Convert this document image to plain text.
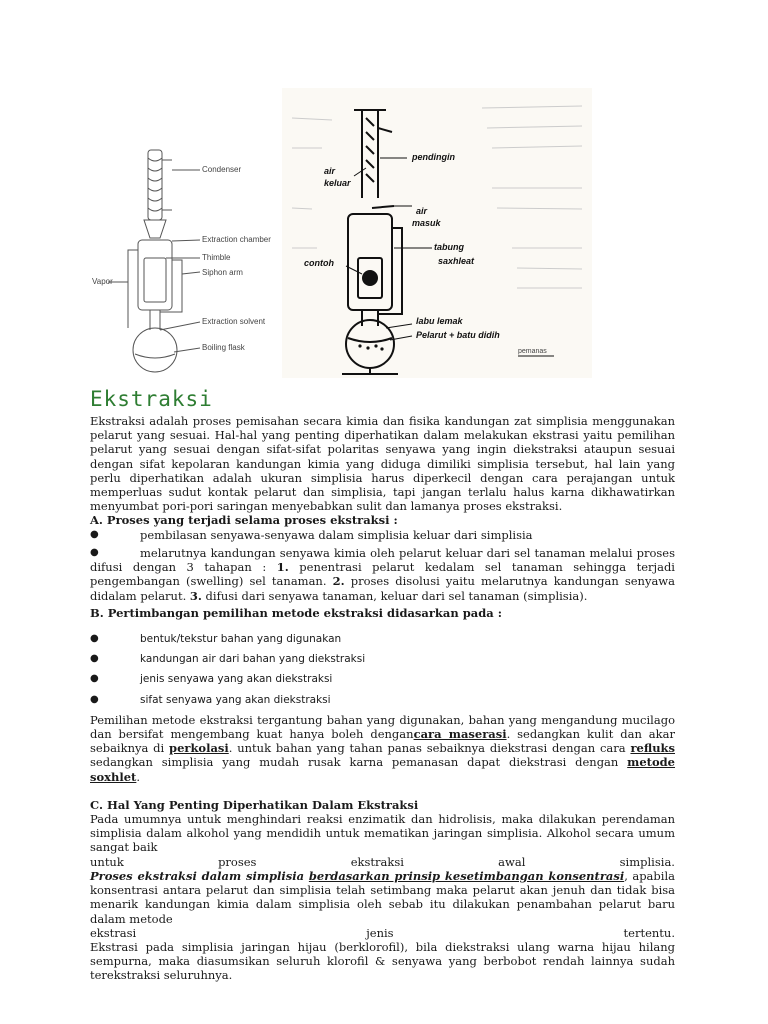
Condenser
Extraction chamber
Thimble
Siphon arm
Vapor
Extraction solvent
Boiling flask
pendingin
air
keluar
air
masuk
tabung
saxhleat
contoh
labu lemak
Pelarut + batu didih
pemanas
Ekstraksi

Ekstraksi adalah proses pemisahan secara kimia dan fisika kandungan zat simplisia menggunakan pelarut yang sesuai. Hal-hal yang penting diperhatikan dalam melakukan ekstrasi yaitu pemilihan pelarut yang sesuai dengan sifat-sifat polaritas senyawa yang ingin diekstraksi ataupun sesuai dengan sifat kepolaran kandungan kimia yang diduga dimiliki simplisia tersebut, hal lain yang perlu diperhatikan adalah ukuran simplisia harus diperkecil dengan cara perajangan untuk memperluas sudut kontak pelarut dan simplisia, tapi jangan terlalu halus karna dikhawatirkan menyumbat pori-pori saringan menyebabkan sulit dan lamanya proses ekstraksi.

A. Proses yang terjadi selama proses ekstraksi :

●	pembilasan senyawa-senyawa dalam simplisia keluar dari simplisia
●	melarutnya kandungan senyawa kimia oleh pelarut keluar dari sel tanaman melalui proses difusi dengan 3 tahapan : 1. penentrasi pelarut kedalam sel tanaman sehingga terjadi pengembangan (swelling) sel tanaman. 2. proses disolusi yaitu melarutnya kandungan senyawa didalam pelarut. 3. difusi dari senyawa tanaman, keluar dari sel tanaman (simplisia).

B. Pertimbangan pemilihan metode ekstraksi didasarkan pada :

●	bentuk/tekstur bahan yang digunakan
●	kandungan air dari bahan yang diekstraksi
●	jenis senyawa yang akan diekstraksi
●	sifat senyawa yang akan diekstraksi

Pemilihan metode ekstraksi tergantung bahan yang digunakan, bahan yang mengandung mucilago dan bersifat mengembang kuat hanya boleh dengancara maserasi. sedangkan kulit dan akar sebaiknya di perkolasi. untuk bahan yang tahan panas sebaiknya diekstrasi dengan cara refluks sedangkan simplisia yang mudah rusak karna pemanasan dapat diekstrasi dengan metode soxhlet.

C. Hal Yang Penting Diperhatikan Dalam Ekstraksi

Pada umumnya untuk menghindari reaksi enzimatik dan hidrolisis, maka dilakukan perendaman simplisia dalam alkohol yang mendidih untuk mematikan jaringan simplisia. Alkohol secara umum sangat baik

untuk	proses	ekstraksi	awal	simplisia.

Proses ekstraksi dalam simplisia berdasarkan prinsip kesetimbangan konsentrasi, apabila konsentrasi antara pelarut dan simplisia telah setimbang maka pelarut akan jenuh dan tidak bisa menarik kandungan kimia dalam simplisia oleh sebab itu dilakukan penambahan pelarut baru dalam metode

ekstrasi	jenis	tertentu.

Ekstrasi pada simplisia jaringan hijau (berklorofil), bila diekstraksi ulang warna hijau hilang sempurna, maka diasumsikan seluruh klorofil & senyawa yang berbobot rendah lainnya sudah terekstraksi seluruhnya.
